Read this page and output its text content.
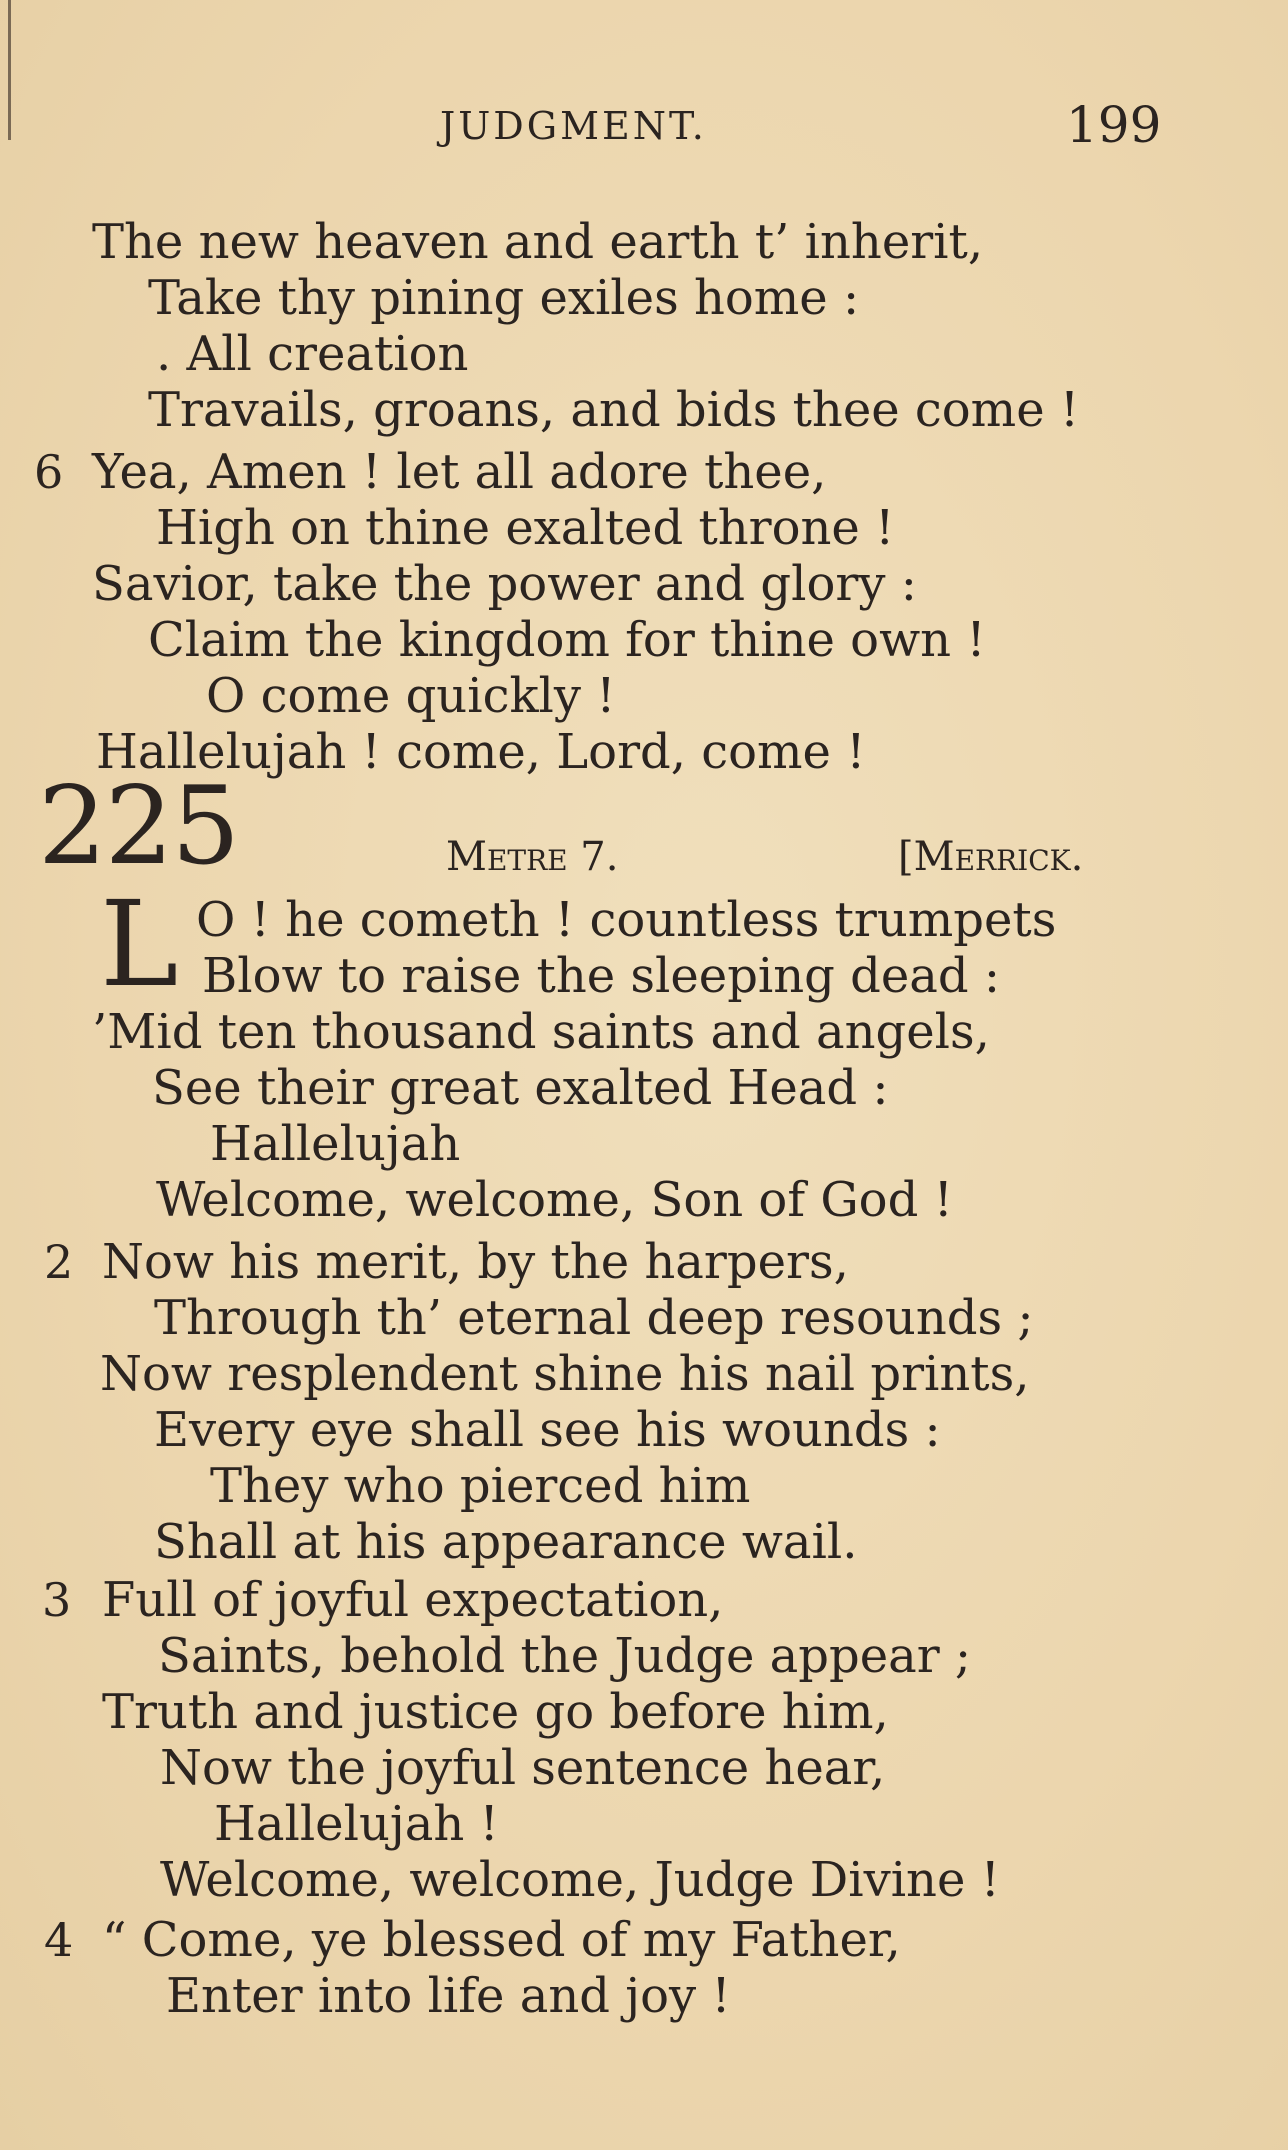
JUDGMENT.	199
The new heaven and earth t’ inherit,
Take thy pining exiles home :
. All creation
Travails, groans, and bids thee come !
6 Yea, Amen ! let all adore thee,
High on thine exalted throne !
Savior, take the power and glory :
Claim the kingdom for thine own !
O come quickly !
Hallelujah ! come, Lord, come !
225	Metre 7.	[Merrick.
L O ! he cometh ! countless trumpets
Blow to raise the sleeping dead :
’Mid ten thousand saints and angels,
See their great exalted Head :
Hallelujah
Welcome, welcome, Son of God !
2 Now his merit, by the harpers,
Through th’ eternal deep resounds ;
Now resplendent shine his nail prints,
Every eye shall see his wounds :
They who pierced him
Shall at his appearance wail.
3 Full of joyful expectation,
Saints, behold the Judge appear ;
Truth and justice go before him,
Now the joyful sentence hear,
Hallelujah !
Welcome, welcome, Judge Divine !
4 “ Come, ye blessed of my Father,
Enter into life and joy !
